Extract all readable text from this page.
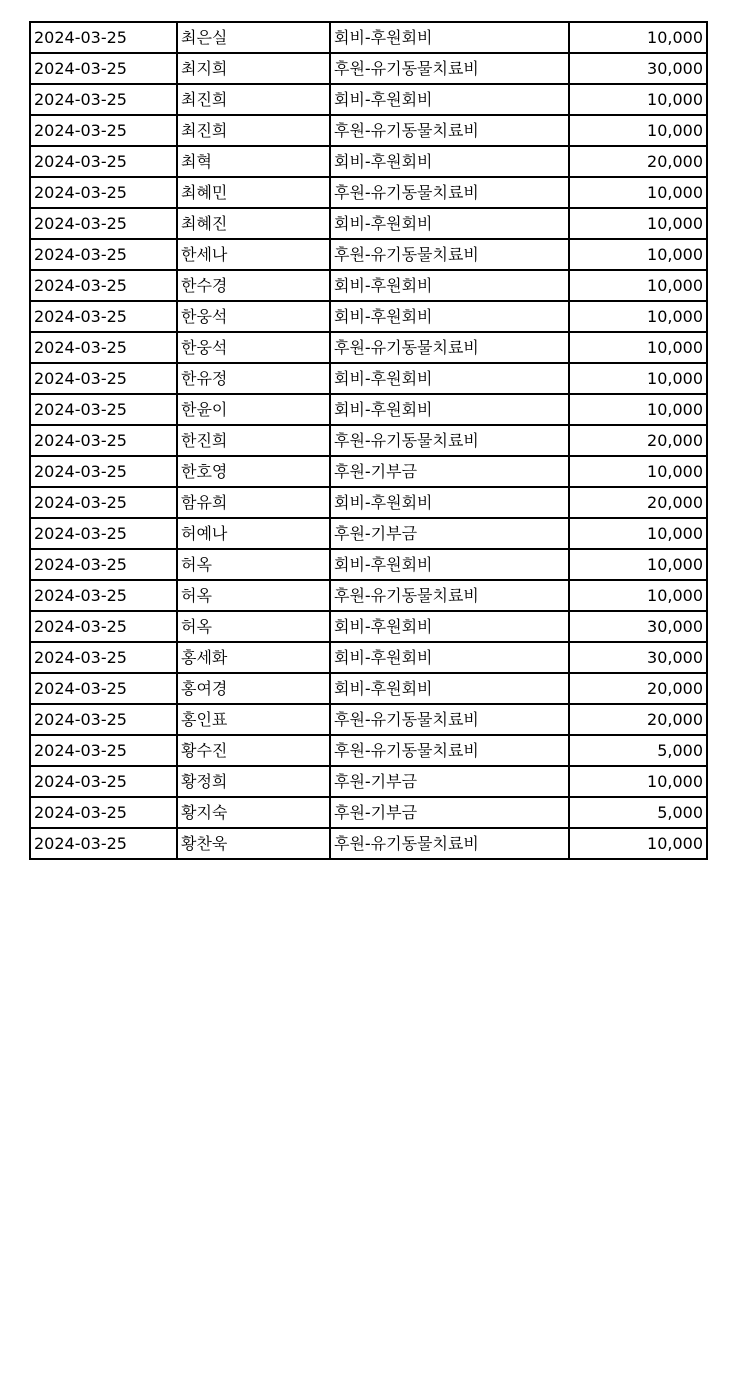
2024-03-25	최은실	회비-후원회비	10,000
2024-03-25	최지희	후원-유기동물치료비	30,000
2024-03-25	최진희	회비-후원회비	10,000
2024-03-25	최진희	후원-유기동물치료비	10,000
2024-03-25	최혁	회비-후원회비	20,000
2024-03-25	최혜민	후원-유기동물치료비	10,000
2024-03-25	최혜진	회비-후원회비	10,000
2024-03-25	한세나	후원-유기동물치료비	10,000
2024-03-25	한수경	회비-후원회비	10,000
2024-03-25	한웅석	회비-후원회비	10,000
2024-03-25	한웅석	후원-유기동물치료비	10,000
2024-03-25	한유정	회비-후원회비	10,000
2024-03-25	한윤이	회비-후원회비	10,000
2024-03-25	한진희	후원-유기동물치료비	20,000
2024-03-25	한호영	후원-기부금	10,000
2024-03-25	함유희	회비-후원회비	20,000
2024-03-25	허예나	후원-기부금	10,000
2024-03-25	허옥	회비-후원회비	10,000
2024-03-25	허옥	후원-유기동물치료비	10,000
2024-03-25	허옥	회비-후원회비	30,000
2024-03-25	홍세화	회비-후원회비	30,000
2024-03-25	홍여경	회비-후원회비	20,000
2024-03-25	홍인표	후원-유기동물치료비	20,000
2024-03-25	황수진	후원-유기동물치료비	5,000
2024-03-25	황정희	후원-기부금	10,000
2024-03-25	황지숙	후원-기부금	5,000
2024-03-25	황찬욱	후원-유기동물치료비	10,000
